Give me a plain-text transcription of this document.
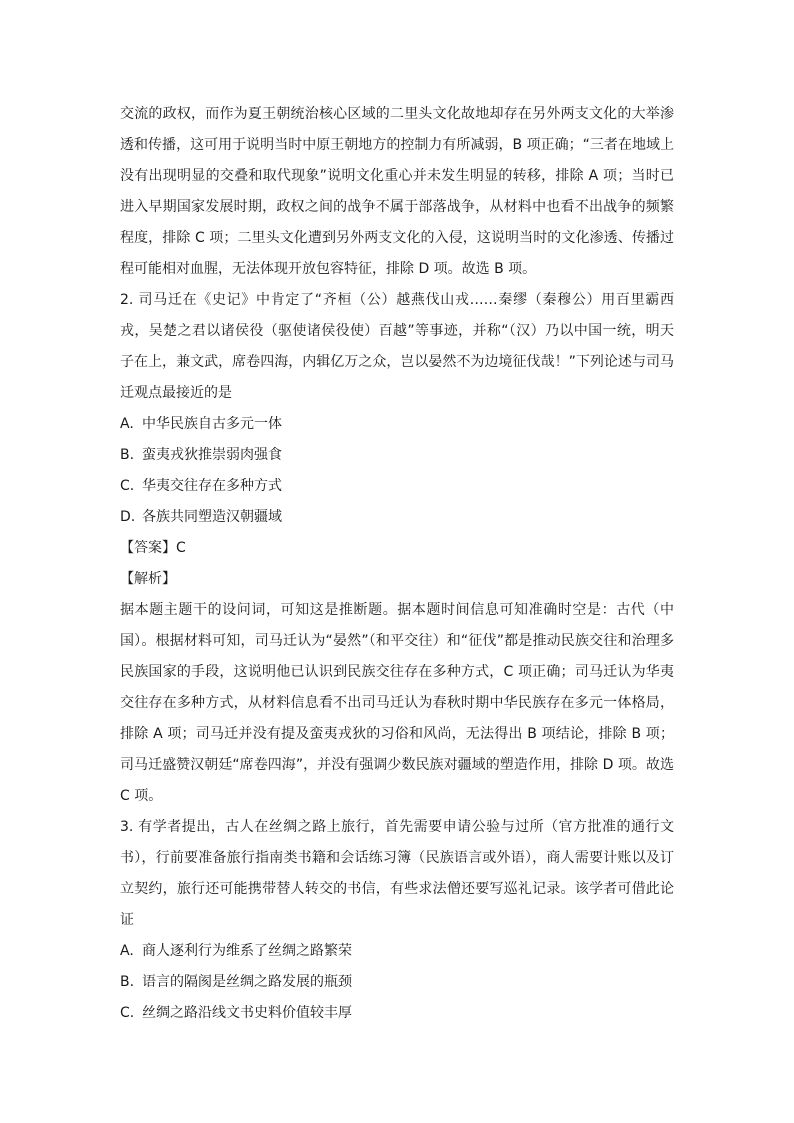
交流的政权，而作为夏王朝统治核心区域的二里头文化故地却存在另外两支文化的大举渗
透和传播，这可用于说明当时中原王朝地方的控制力有所减弱，B 项正确；“三者在地域上
没有出现明显的交叠和取代现象”说明文化重心并未发生明显的转移，排除 A 项；当时已
进入早期国家发展时期，政权之间的战争不属于部落战争，从材料中也看不出战争的频繁
程度，排除 C 项；二里头文化遭到另外两支文化的入侵，这说明当时的文化渗透、传播过
程可能相对血腥，无法体现开放包容特征，排除 D 项。故选 B 项。
2. 司马迁在《史记》中肯定了“齐桓（公）越燕伐山戎……秦缪（秦穆公）用百里霸西
戎，吴楚之君以诸侯役（驱使诸侯役使）百越”等事迹，并称“（汉）乃以中国一统，明天
子在上，兼文武，席卷四海，内辑亿万之众，岂以晏然不为边境征伐哉！”下列论述与司马
迁观点最接近的是
A. 中华民族自古多元一体
B. 蛮夷戎狄推崇弱肉强食
C. 华夷交往存在多种方式
D. 各族共同塑造汉朝疆域
【答案】C
【解析】
据本题主题干的设问词，可知这是推断题。据本题时间信息可知准确时空是：古代（中
国）。根据材料可知，司马迁认为“晏然”（和平交往）和“征伐”都是推动民族交往和治理多
民族国家的手段，这说明他已认识到民族交往存在多种方式，C 项正确；司马迁认为华夷
交往存在多种方式，从材料信息看不出司马迁认为春秋时期中华民族存在多元一体格局，
排除 A 项；司马迁并没有提及蛮夷戎狄的习俗和风尚，无法得出 B 项结论，排除 B 项；
司马迁盛赞汉朝廷“席卷四海”，并没有强调少数民族对疆域的塑造作用，排除 D 项。故选
C 项。
3. 有学者提出，古人在丝绸之路上旅行，首先需要申请公验与过所（官方批准的通行文
书），行前要准备旅行指南类书籍和会话练习簿（民族语言或外语），商人需要计账以及订
立契约，旅行还可能携带替人转交的书信，有些求法僧还要写巡礼记录。该学者可借此论
证
A. 商人逐利行为维系了丝绸之路繁荣
B. 语言的隔阂是丝绸之路发展的瓶颈
C. 丝绸之路沿线文书史料价值较丰厚
